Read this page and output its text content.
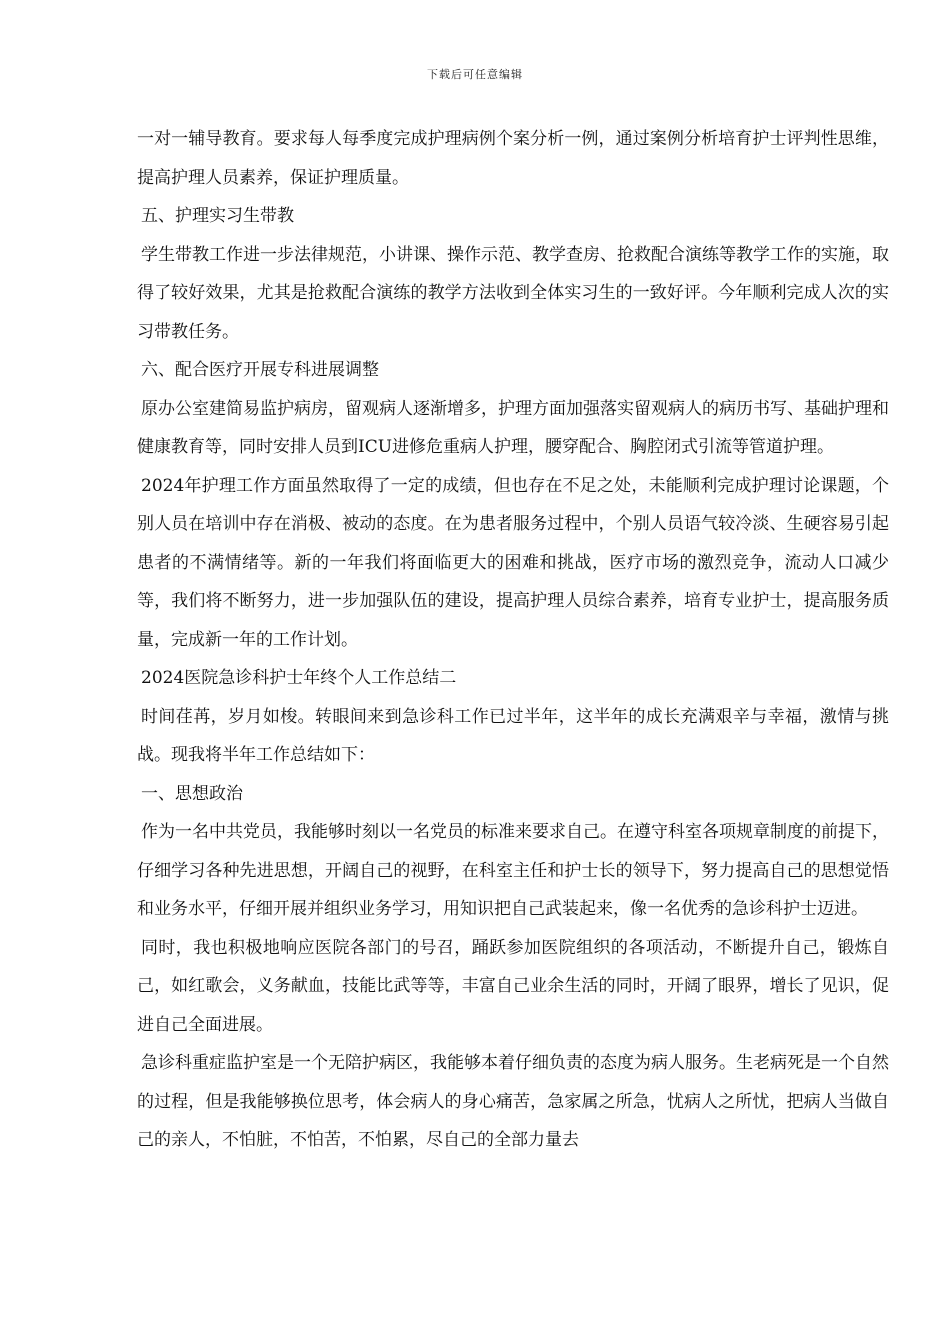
下载后可任意编辑

一对一辅导教育。要求每人每季度完成护理病例个案分析一例，通过案例分析培育护士评判性思维，提高护理人员素养，保证护理质量。

五、护理实习生带教

学生带教工作进一步法律规范，小讲课、操作示范、教学查房、抢救配合演练等教学工作的实施，取得了较好效果，尤其是抢救配合演练的教学方法收到全体实习生的一致好评。今年顺利完成人次的实习带教任务。

六、配合医疗开展专科进展调整

原办公室建简易监护病房，留观病人逐渐增多，护理方面加强落实留观病人的病历书写、基础护理和健康教育等，同时安排人员到ICU进修危重病人护理，腰穿配合、胸腔闭式引流等管道护理。

2024年护理工作方面虽然取得了一定的成绩，但也存在不足之处，未能顺利完成护理讨论课题，个别人员在培训中存在消极、被动的态度。在为患者服务过程中，个别人员语气较冷淡、生硬容易引起患者的不满情绪等。新的一年我们将面临更大的困难和挑战，医疗市场的激烈竞争，流动人口减少等，我们将不断努力，进一步加强队伍的建设，提高护理人员综合素养，培育专业护士，提高服务质量，完成新一年的工作计划。

2024医院急诊科护士年终个人工作总结二

时间荏苒，岁月如梭。转眼间来到急诊科工作已过半年，这半年的成长充满艰辛与幸福，激情与挑战。现我将半年工作总结如下：

一、思想政治

作为一名中共党员，我能够时刻以一名党员的标准来要求自己。在遵守科室各项规章制度的前提下，仔细学习各种先进思想，开阔自己的视野，在科室主任和护士长的领导下，努力提高自己的思想觉悟和业务水平，仔细开展并组织业务学习，用知识把自己武装起来，像一名优秀的急诊科护士迈进。

同时，我也积极地响应医院各部门的号召，踊跃参加医院组织的各项活动，不断提升自己，锻炼自己，如红歌会，义务献血，技能比武等等，丰富自己业余生活的同时，开阔了眼界，增长了见识，促进自己全面进展。

急诊科重症监护室是一个无陪护病区，我能够本着仔细负责的态度为病人服务。生老病死是一个自然的过程，但是我能够换位思考，体会病人的身心痛苦，急家属之所急，忧病人之所忧，把病人当做自己的亲人，不怕脏，不怕苦，不怕累，尽自己的全部力量去
